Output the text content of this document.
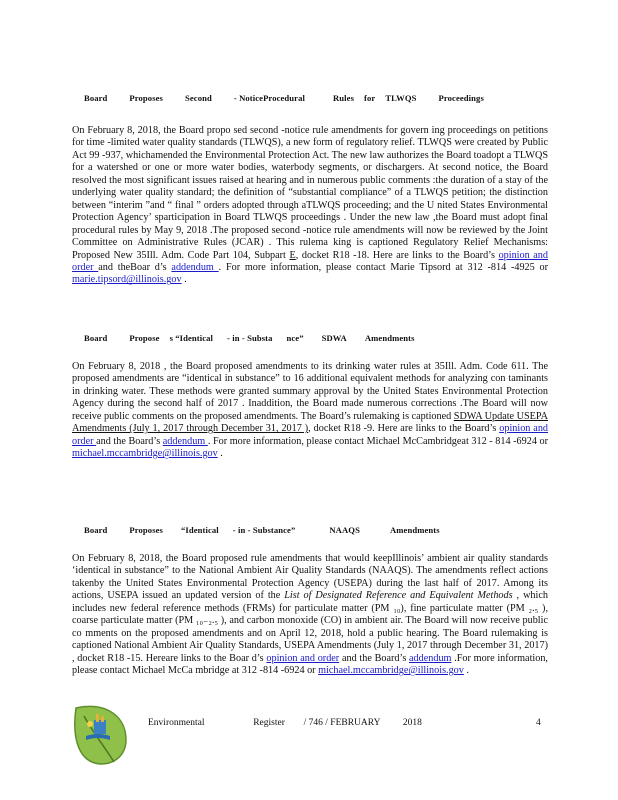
Board	Proposes	Second	- NoticeProcedural	Rules for TLWQS	Proceedings

On February 8, 2018, the Board propo sed second -notice rule amendments for govern ing proceedings on petitions for time -limited water quality standards (TLWQS), a new form of regulatory relief. TLWQS were created by Public Act 99 -937, whichamended the Environmental Protection Act. The new law authorizes the Board toadopt a TLWQS for a watershed or one or more water bodies, waterbody segments, or dischargers. At second notice, the Board resolved the most significant issues raised at hearing and in numerous public comments :the duration of a stay of the underlying water quality standard; the definition of “substantial compliance” of a TLWQS petition; the distinction between “interim ”and “ final ” orders adopted through aTLWQS proceeding; and the U nited States Environmental Protection Agency’ sparticipation in Board TLWQS proceedings . Under the new law ,the Board must adopt final procedural rules by May 9, 2018 .The proposed second -notice rule amendments will now be reviewed by the Joint Committee on Administrative Rules (JCAR) . This rulema king is captioned Regulatory Relief Mechanisms: Proposed New 35Ill. Adm. Code Part 104, Subpart E, docket R18 -18. Here are links to the Board’s opinion and order and theBoar d’s addendum . For more information, please contact Marie Tipsord at 312 -814 -4925 or marie.tipsord@illinois.gov .

Board	Propose s “Identical - in - Substa nce” SDWA Amendments

On February 8, 2018 , the Board proposed amendments to its drinking water rules at 35Ill. Adm. Code 611. The proposed amendments are “identical in substance” to 16 additional equivalent methods for analyzing con taminants in drinking water. These methods were granted summary approval by the United States Environmental Protection Agency during the second half of 2017 . Inaddition, the Board made numerous corrections .The Board will now receive public comments on the proposed amendments. The Board’s rulemaking is captioned SDWA Update USEPA Amendments (July 1, 2017 through December 31, 2017 ), docket R18 -9. Here are links to the Board’s opinion and order and the Board’s addendum . For more information, please contact Michael McCambridgeat 312 - 814 -6924 or michael.mccambridge@illinois.gov .

Board	Proposes “Identical - in - Substance”	NAAQS	Amendments

On February 8, 2018, the Board proposed rule amendments that would keepIllinois’ ambient air quality standards ‘identical in substance” to the National Ambient Air Quality Standards (NAAQS). The amendments reflect actions takenby the United States Environmental Protection Agency (USEPA) during the last half of 2017. Among its actions, USEPA issued an updated version of the List of Designated Reference and Equivalent Methods , which includes new federal reference methods (FRMs) for particulate matter (PM ₁₀), fine particulate matter (PM ₂.₅ ), coarse particulate matter (PM ₁₀₋₂.₅ ), and carbon monoxide (CO) in ambient air. The Board will now receive public co mments on the proposed amendments and on April 12, 2018, hold a public hearing. The Board rulemaking is captioned National Ambient Air Quality Standards, USEPA Amendments (July 1, 2017 through December 31, 2017) , docket R18 -15. Hereare links to the Boar d’s opinion and order and the Board’s addendum .For more information, please contact Michael McCa mbridge at 312 -814 -6924 or michael.mccambridge@illinois.gov .

Environmental	Register / 746 / FEBRUARY 2018	4
